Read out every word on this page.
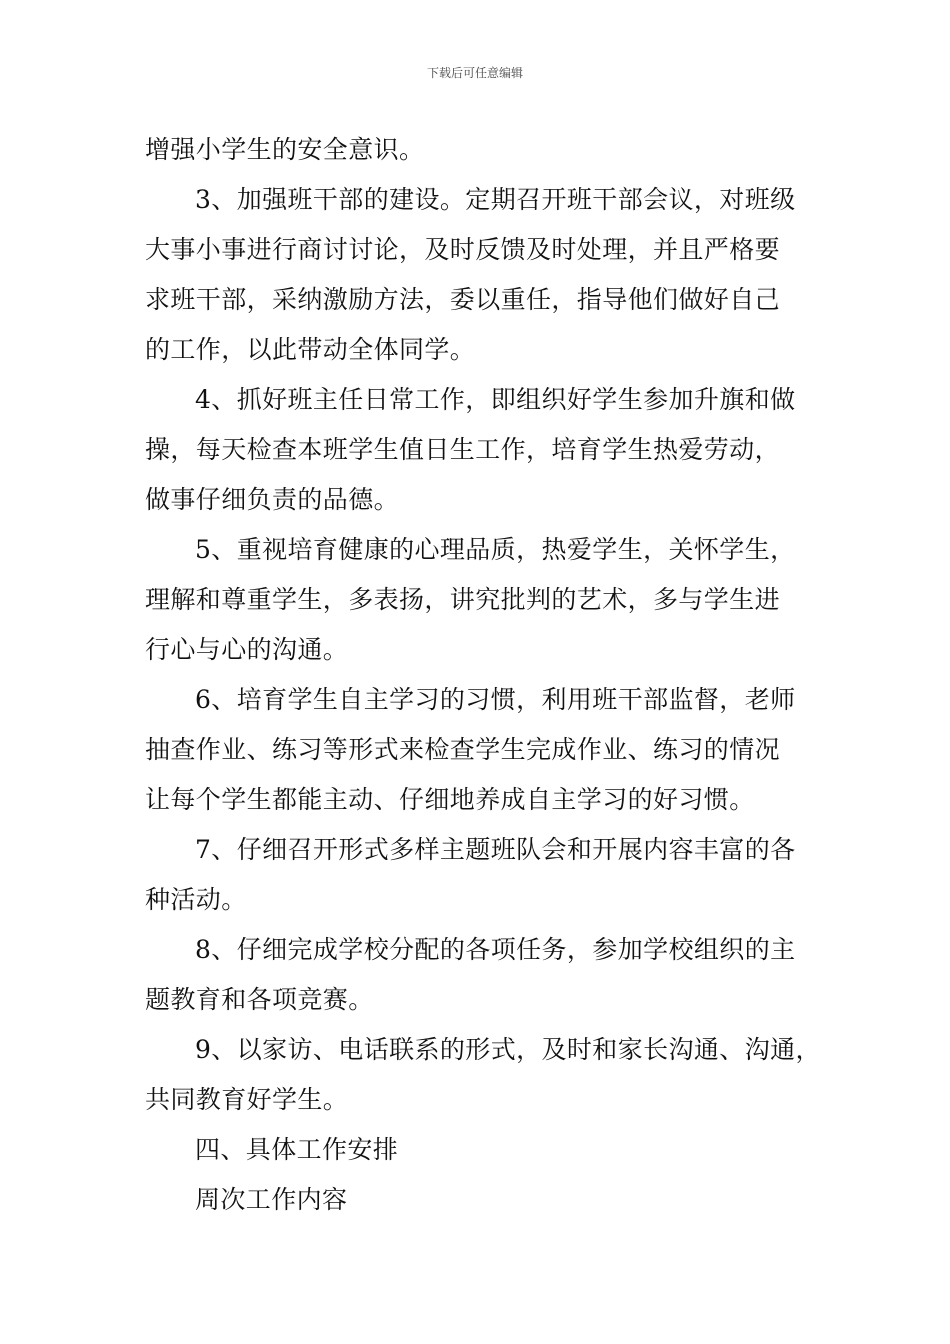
下载后可任意编辑
增强小学生的安全意识。
3、加强班干部的建设。定期召开班干部会议，对班级
大事小事进行商讨讨论，及时反馈及时处理，并且严格要
求班干部，采纳激励方法，委以重任，指导他们做好自己
的工作，以此带动全体同学。
4、抓好班主任日常工作，即组织好学生参加升旗和做
操，每天检查本班学生值日生工作，培育学生热爱劳动，
做事仔细负责的品德。
5、重视培育健康的心理品质，热爱学生，关怀学生，
理解和尊重学生，多表扬，讲究批判的艺术，多与学生进
行心与心的沟通。
6、培育学生自主学习的习惯，利用班干部监督，老师
抽查作业、练习等形式来检查学生完成作业、练习的情况
让每个学生都能主动、仔细地养成自主学习的好习惯。
7、仔细召开形式多样主题班队会和开展内容丰富的各
种活动。
8、仔细完成学校分配的各项任务，参加学校组织的主
题教育和各项竞赛。
9、以家访、电话联系的形式，及时和家长沟通、沟通，
共同教育好学生。
四、具体工作安排
周次工作内容
